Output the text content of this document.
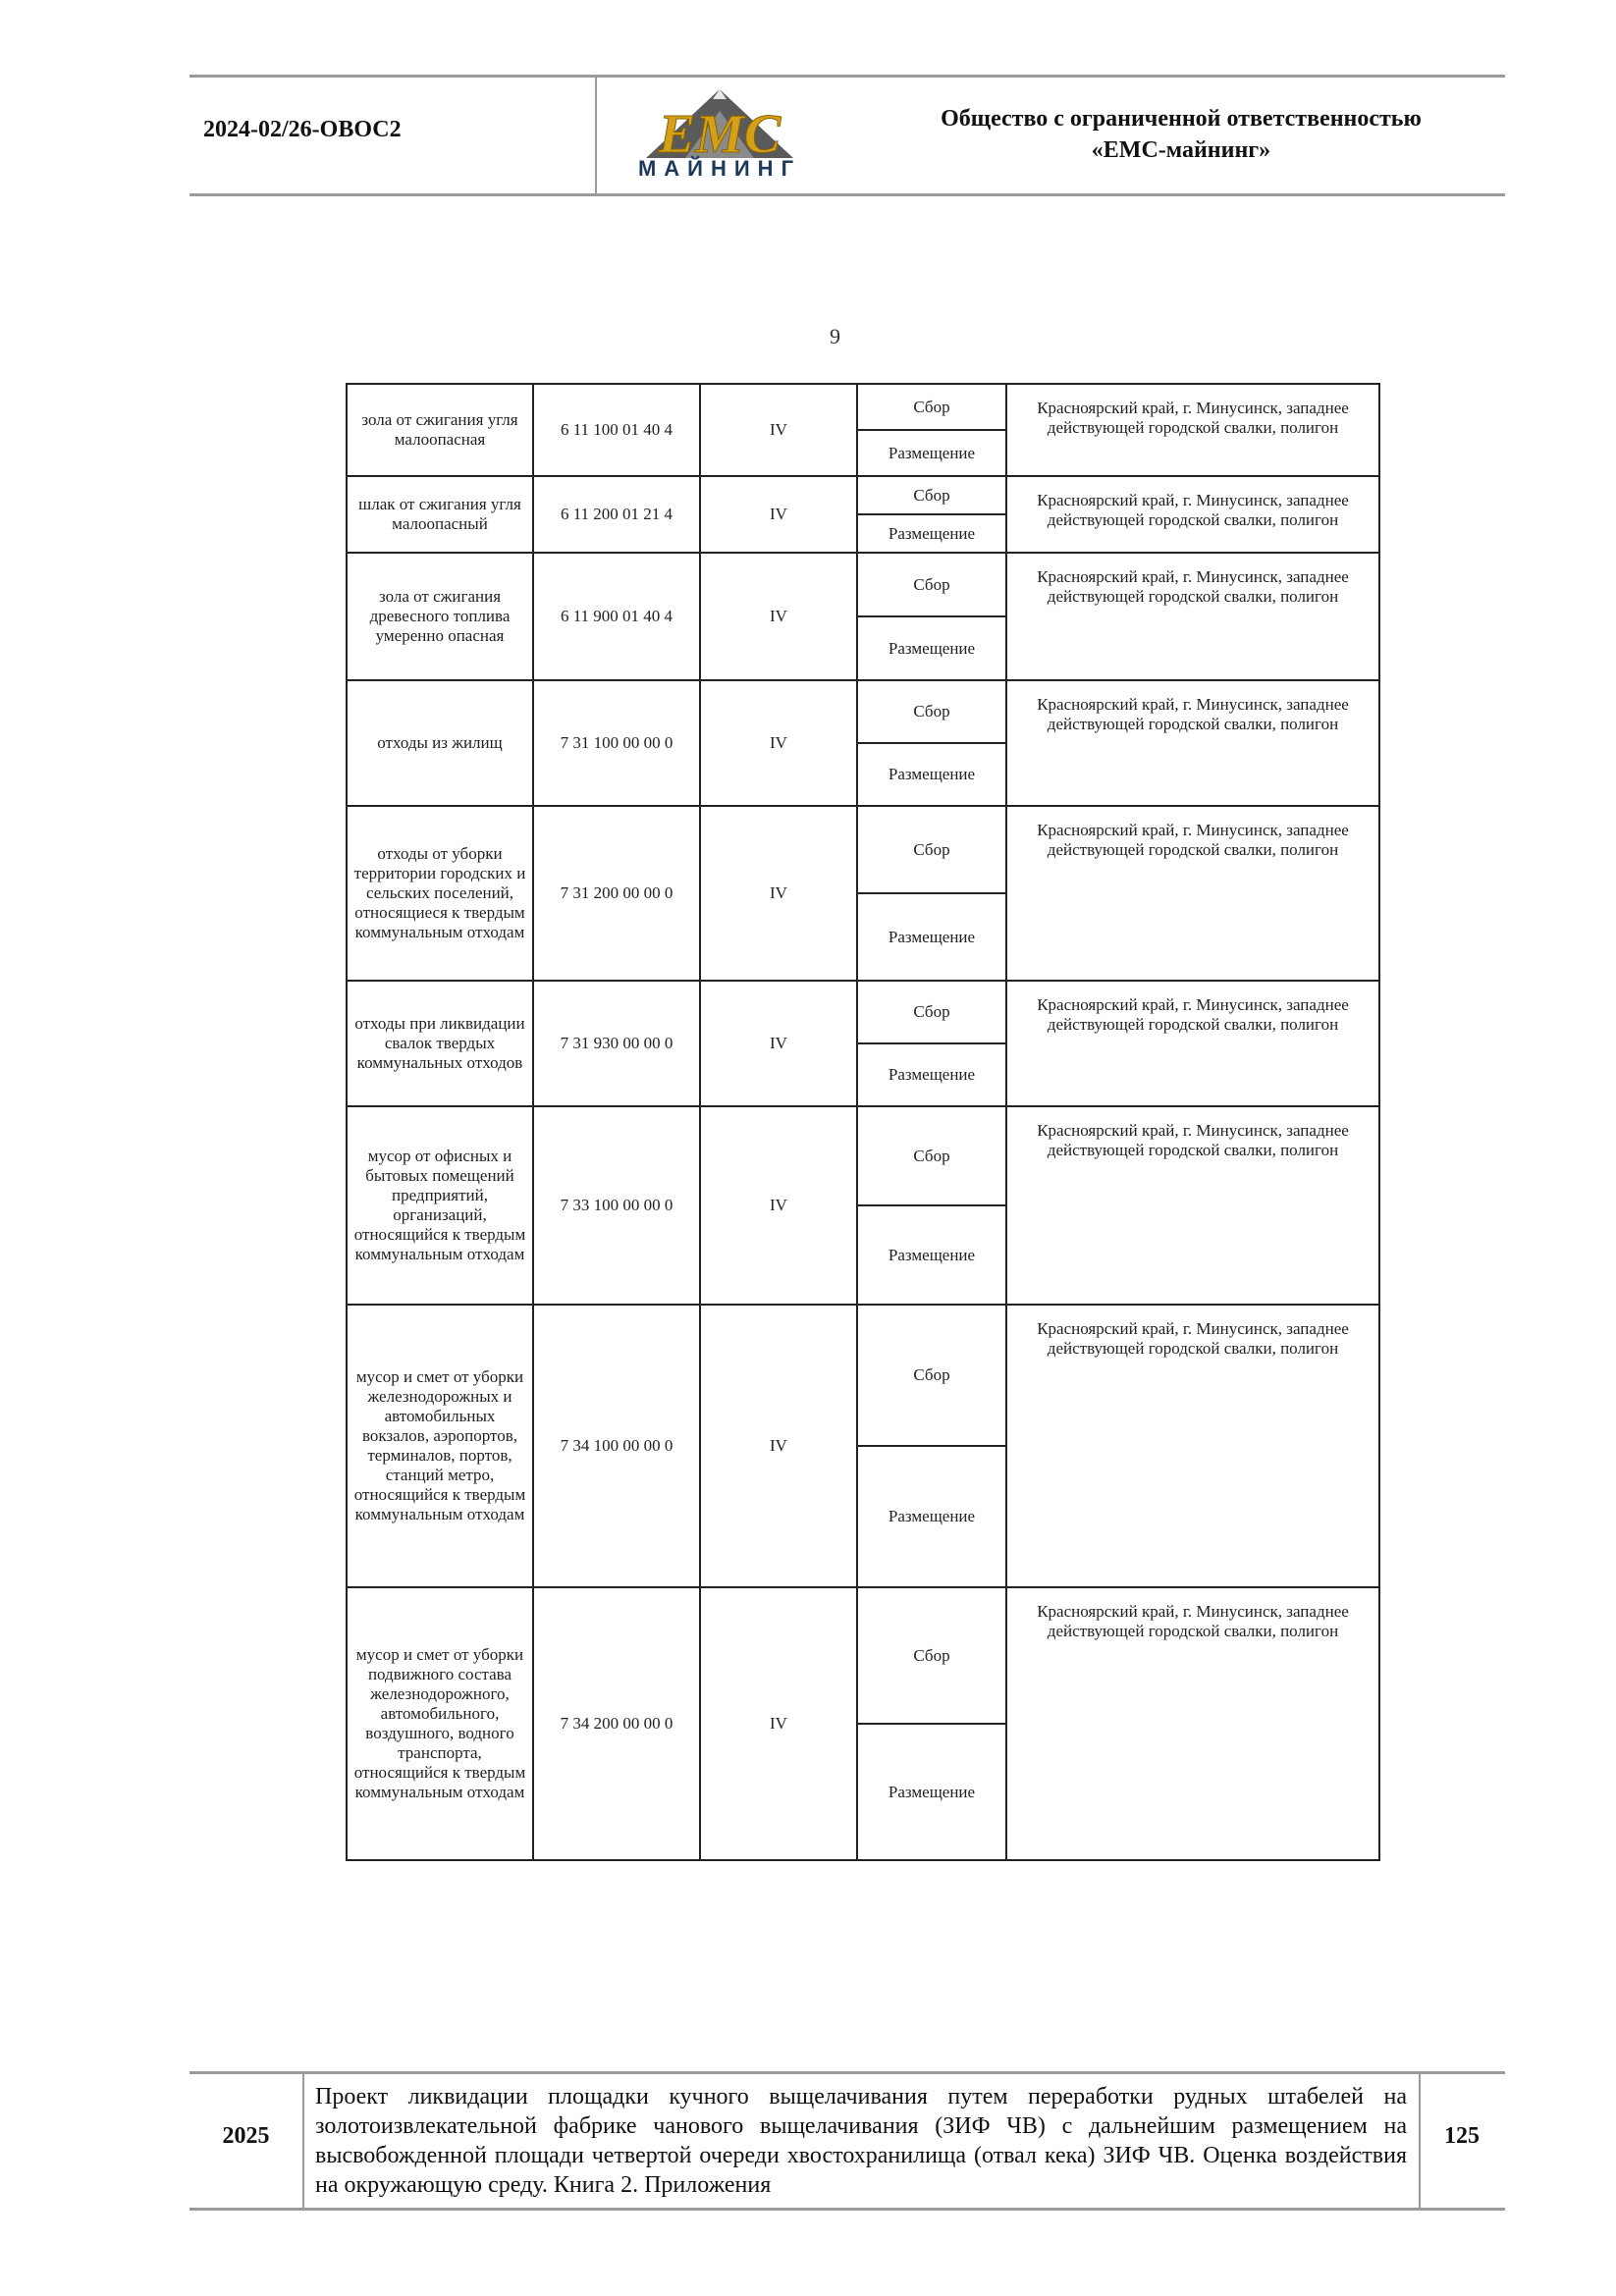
2024-02/26-ОВОС2	EMC
МАЙНИНГ
Общество с ограниченной ответственностью
«ЕМС-майнинг»
9
зола от сжигания угля малоопасная	6 11 100 01 40 4	IV	Сбор
Размещение	Красноярский край, г. Минусинск, западнее действующей городской свалки, полигон
шлак от сжигания угля малоопасный	6 11 200 01 21 4	IV	Сбор
Размещение	Красноярский край, г. Минусинск, западнее действующей городской свалки, полигон
зола от сжигания древесного топлива умеренно опасная	6 11 900 01 40 4	IV	Сбор
Размещение	Красноярский край, г. Минусинск, западнее действующей городской свалки, полигон
отходы из жилищ	7 31 100 00 00 0	IV	Сбор
Размещение	Красноярский край, г. Минусинск, западнее действующей городской свалки, полигон
отходы от уборки территории городских и сельских поселений, относящиеся к твердым коммунальным отходам	7 31 200 00 00 0	IV	Сбор
Размещение	Красноярский край, г. Минусинск, западнее действующей городской свалки, полигон
отходы при ликвидации свалок твердых коммунальных отходов	7 31 930 00 00 0	IV	Сбор
Размещение	Красноярский край, г. Минусинск, западнее действующей городской свалки, полигон
мусор от офисных и бытовых помещений предприятий, организаций, относящийся к твердым коммунальным отходам	7 33 100 00 00 0	IV	Сбор
Размещение	Красноярский край, г. Минусинск, западнее действующей городской свалки, полигон
мусор и смет от уборки железнодорожных и автомобильных вокзалов, аэропортов, терминалов, портов, станций метро, относящийся к твердым коммунальным отходам	7 34 100 00 00 0	IV	Сбор
Размещение	Красноярский край, г. Минусинск, западнее действующей городской свалки, полигон
мусор и смет от уборки подвижного состава железнодорожного, автомобильного, воздушного, водного транспорта, относящийся к твердым коммунальным отходам	7 34 200 00 00 0	IV	Сбор
Размещение	Красноярский край, г. Минусинск, западнее действующей городской свалки, полигон
2025
Проект ликвидации площадки кучного выщелачивания путем переработки рудных штабелей на золотоизвлекательной фабрике чанового выщелачивания (ЗИФ ЧВ) с дальнейшим размещением на высвобожденной площади четвертой очереди хвостохранилища (отвал кека) ЗИФ ЧВ. Оценка воздействия на окружающую среду. Книга 2. Приложения
125
